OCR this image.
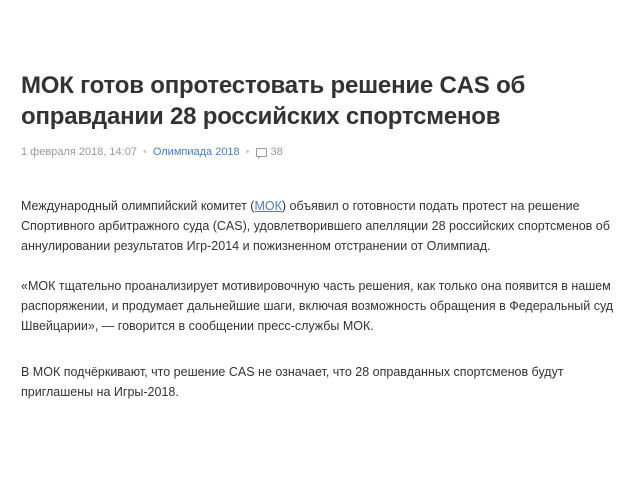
МОК готов опротестовать решение CAS об оправдании 28 российских спортсменов
1 февраля 2018, 14:07 • Олимпиада 2018 • 38

Международный олимпийский комитет (МОК) объявил о готовности подать протест на решение Спортивного арбитражного суда (CAS), удовлетворившего апелляции 28 российских спортсменов об аннулировании результатов Игр-2014 и пожизненном отстранении от Олимпиад.

«МОК тщательно проанализирует мотивировочную часть решения, как только она появится в нашем распоряжении, и продумает дальнейшие шаги, включая возможность обращения в Федеральный суд Швейцарии», — говорится в сообщении пресс-службы МОК.

В МОК подчёркивают, что решение CAS не означает, что 28 оправданных спортсменов будут приглашены на Игры-2018.
